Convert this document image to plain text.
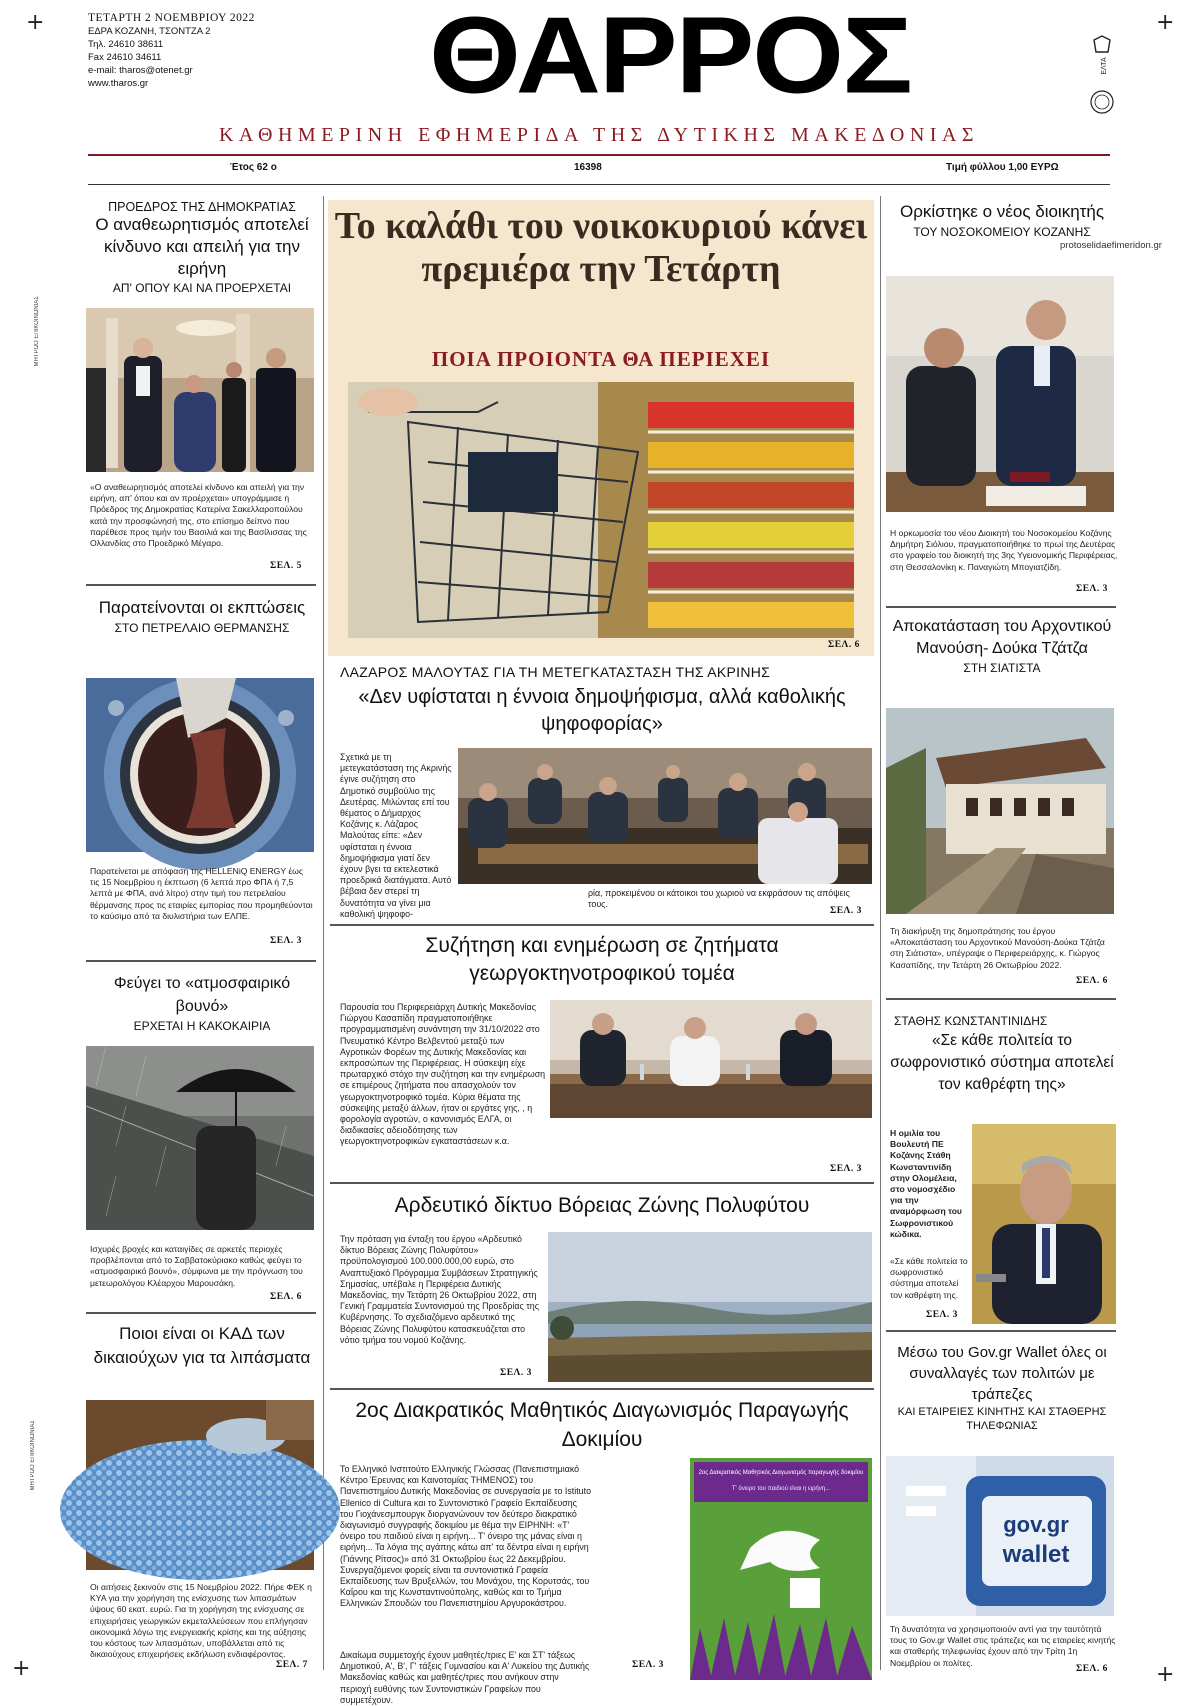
+	+
+	+
ΜΗΤΡΩΟ ΕΠΙΚΟΙΝΩΝΙΑΣ
ΜΗΤΡΩΟ ΕΠΙΚΟΙΝΩΝΙΑΣ
ΤΕΤΑΡΤΗ 2 ΝΟΕΜΒΡΙΟΥ 2022
ΕΔΡΑ ΚΟΖΑΝΗ, ΤΣΟΝΤΖΑ 2
Τηλ. 24610 38611
Fax 24610 34611
e-mail: tharos@otenet.gr
www.tharos.gr	ΘΑΡΡΟΣ	ΕΛΤΑ
ΚΑΘΗΜΕΡΙΝΗ ΕΦΗΜΕΡΙΔΑ ΤΗΣ ΔΥΤΙΚΗΣ ΜΑΚΕΔΟΝΙΑΣ
Έτος 62 ο	16398	Τιμή φύλλου 1,00 ΕΥΡΩ
protoselidaefimeridon.gr
ΠΡΟΕΔΡΟΣ ΤΗΣ ΔΗΜΟΚΡΑΤΙΑΣ
Ο αναθεωρητισμός αποτελεί κίνδυνο και απειλή για την ειρήνη
ΑΠ' ΟΠΟΥ ΚΑΙ ΝΑ ΠΡΟΕΡΧΕΤΑΙ
«Ο αναθεωρητισμός αποτελεί κίνδυνο και απειλή για την ειρήνη, απ' όπου και αν προέρχεται» υπογράμμισε η Πρόεδρος της Δημοκρατίας Κατερίνα Σακελλαροπούλου κατά την προσφώνησή της, στο επίσημο δείπνο που παρέθεσε προς τιμήν του Βασιλιά και της Βασίλισσας της Ολλανδίας στο Προεδρικό Μέγαρο.
ΣΕΛ. 5
Παρατείνονται οι εκπτώσεις
ΣΤΟ ΠΕΤΡΕΛΑΙΟ ΘΕΡΜΑΝΣΗΣ
Παρατείνεται με απόφαση της HELLENiQ ENERGY έως τις 15 Νοεμβρίου η έκπτωση (6 λεπτά προ ΦΠΑ ή 7,5 λεπτά με ΦΠΑ, ανά λίτρο) στην τιμή του πετρελαίου θέρμανσης προς τις εταιρίες εμπορίας που προμηθεύονται το καύσιμο από τα διυλιστήρια των ΕΛΠΕ.
ΣΕΛ. 3
Φεύγει το «ατμοσφαιρικό βουνό»
ΕΡΧΕΤΑΙ Η ΚΑΚΟΚΑΙΡΙΑ
Ισχυρές βροχές και καταιγίδες σε αρκετές περιοχές προβλέπονται από το Σαββατοκύριακο καθώς φεύγει το «ατμοσφαιρικό βουνό», σύμφωνα με την πρόγνωση του μετεωρολόγου Κλέαρχου Μαρουσάκη.
ΣΕΛ. 6
Ποιοι είναι οι ΚΑΔ των δικαιούχων για τα λιπάσματα
Οι αιτήσεις ξεκινούν στις 15 Νοεμβρίου 2022. Πήρε ΦΕΚ η ΚΥΑ για την χορήγηση της ενίσχυσης των λιπασμάτων ύψους 60 εκατ. ευρώ. Για τη χορήγηση της ενίσχυσης σε επιχειρήσεις γεωργικών εκμεταλλεύσεων που επλήγησαν οικονομικά λόγω της ενεργειακής κρίσης και της αύξησης του κόστους των λιπασμάτων, υποβάλλεται από τις δικαιούχους επιχειρήσεις εκδήλωση ενδιαφέροντος.
ΣΕΛ. 7
Το καλάθι του νοικοκυριού κάνει πρεμιέρα την Τετάρτη
ΠΟΙΑ ΠΡΟΙΟΝΤΑ ΘΑ ΠΕΡΙΕΧΕΙ
ΣΕΛ. 6
ΛΑΖΑΡΟΣ ΜΑΛΟΥΤΑΣ ΓΙΑ ΤΗ ΜΕΤΕΓΚΑΤΑΣΤΑΣΗ ΤΗΣ ΑΚΡΙΝΗΣ
«Δεν υφίσταται η έννοια δημοψήφισμα, αλλά καθολικής ψηφοφορίας»
Σχετικά με τη μετεγκατάσταση της Ακρινής έγινε συζήτηση στο Δημοτικό συμβούλιο της Δευτέρας. Μιλώντας επί του θέματος ο Δήμαρχος Κοζάνης κ. Λάζαρος Μαλούτας είπε: «Δεν υφίσταται η έννοια δημοψήφισμα γιατί δεν έχουν βγει τα εκτελεστικά προεδρικά διατάγματα. Αυτό βέβαια δεν στερεί τη δυνατότητα να γίνει μια καθολική ψηφοφο-
ρία, προκειμένου οι κάτοικοι του χωριού να εκφράσουν τις απόψεις τους.
ΣΕΛ. 3
Συζήτηση και ενημέρωση σε ζητήματα γεωργοκτηνοτροφικού τομέα
Παρουσία του Περιφερειάρχη Δυτικής Μακεδονίας Γιώργου Κασαπίδη πραγματοποιήθηκε προγραμματισμένη συνάντηση την 31/10/2022 στο Πνευματικό Κέντρο Βελβεντού μεταξύ των Αγροτικών Φορέων της Δυτικής Μακεδονίας και εκπροσώπων της Περιφέρειας. Η σύσκεψη είχε πρωταρχικό στόχο την συζήτηση και την ενημέρωση σε επιμέρους ζητήματα που απασχολούν τον γεωργοκτηνοτροφικό τομέα. Κύρια θέματα της σύσκεψης μεταξύ άλλων, ήταν οι εργάτες γης, , η φορολογία αγροτών, ο κανονισμός ΕΛΓΑ, οι διαδικασίες αδειοδότησης των γεωργοκτηνοτροφικών εγκαταστάσεων κ.α.
ΣΕΛ. 3
Αρδευτικό δίκτυο Βόρειας Ζώνης Πολυφύτου
Την πρόταση για ένταξη του έργου «Αρδευτικό δίκτυο Βόρειας Ζώνης Πολυφύτου» προϋπολογισμού 100.000.000,00 ευρώ, στο Αναπτυξιακό Πρόγραμμα Συμβάσεων Στρατηγικής Σημασίας, υπέβαλε η Περιφέρεια Δυτικής Μακεδονίας, την Τετάρτη 26 Οκτωβρίου 2022, στη Γενική Γραμματεία Συντονισμού της Προεδρίας της Κυβέρνησης. Το σχεδιαζόμενο αρδευτικό της Βόρειας Ζώνης Πολυφύτου κατασκευάζεται στο νότιο τμήμα του νομού Κοζάνης.
ΣΕΛ. 3
2ος Διακρατικός Μαθητικός Διαγωνισμός Παραγωγής Δοκιμίου
Το Ελληνικό Ινστιτούτο Ελληνικής Γλώσσας (Πανεπιστημιακό Κέντρο Έρευνας και Καινοτομίας ΤΗΜΕΝΟΣ) του Πανεπιστημίου Δυτικής Μακεδονίας σε συνεργασία με το Istituto Ellenico di Cultura και το Συντονιστικό Γραφείο Εκπαίδευσης του Γιοχάνεσμπουργκ διοργανώνουν τον δεύτερο διακρατικό διαγωνισμό συγγραφής δοκιμίου με θέμα την ΕΙΡΗΝΗ: «Τ' όνειρο του παιδιού είναι η ειρήνη... Τ' όνειρο της μάνας είναι η ειρήνη... Τα λόγια της αγάπης κάτω απ' τα δέντρα είναι η ειρήνη (Γιάννης Ρίτσος)» από 31 Οκτωβρίου έως 22 Δεκεμβρίου. Συνεργαζόμενοι φορείς είναι τα συντονιστικά Γραφεία Εκπαίδευσης των Βρυξελλών, του Μονάχου, της Κορυτσάς, του Καΐρου και της Κωνσταντινούπολης, καθώς και το Τμήμα Ελληνικών Σπουδών του Πανεπιστημίου Αργυροκάστρου.
Δικαίωμα συμμετοχής έχουν μαθητές/τριες Ε' και ΣΤ' τάξεως Δημοτικού, Α', Β', Γ' τάξεις Γυμνασίου και Α' Λυκείου της Δυτικής Μακεδονίας καθώς και μαθητές/τριες που ανήκουν στην περιοχή ευθύνης των Συντονιστικών Γραφείων που συμμετέχουν.
2ος Διακρατικός Μαθητικός Διαγωνισμός παραγωγής δοκιμίου
Τ' όνειρο του παιδιού είναι η ειρήνη...
ΣΕΛ. 3
Ορκίστηκε ο νέος διοικητής
ΤΟΥ ΝΟΣΟΚΟΜΕΙΟΥ ΚΟΖΑΝΗΣ
Η ορκωμοσία του νέου Διοικητή του Νοσοκομείου Κοζάνης Δημήτρη Σιόλιου, πραγματοποιήθηκε το πρωί της Δευτέρας στο γραφείο του διοικητή της 3ης Υγειονομικής Περιφέρειας, στη Θεσσαλονίκη κ. Παναγιώτη Μπογιατζίδη.
ΣΕΛ. 3
Αποκατάσταση του Αρχοντικού Μανούση- Δούκα Τζάτζα
ΣΤΗ ΣΙΑΤΙΣΤΑ
Τη διακήρυξη της δημοπράτησης του έργου «Αποκατάσταση του Αρχοντικού Μανούση-Δούκα Τζάτζα στη Σιάτιστα», υπέγραψε ο Περιφερειάρχης, κ. Γιώργος Κασαπίδης, την Τετάρτη 26 Οκτωβρίου 2022.
ΣΕΛ. 6
ΣΤΑΘΗΣ ΚΩΝΣΤΑΝΤΙΝΙΔΗΣ
«Σε κάθε πολιτεία το σωφρονιστικό σύστημα αποτελεί τον καθρέφτη της»
Η ομιλία του Βουλευτή ΠΕ Κοζάνης Στάθη Κωνσταντινίδη στην Ολομέλεια, στο νομοσχέδιο για την αναμόρφωση του Σωφρονιστικού κώδικα.
«Σε κάθε πολιτεία το σωφρονιστικό σύστημα αποτελεί τον καθρέφτη της.
ΣΕΛ. 3
Μέσω του Gov.gr Wallet όλες οι συναλλαγές των πολιτών με τράπεζες
ΚΑΙ ΕΤΑΙΡΕΙΕΣ ΚΙΝΗΤΗΣ ΚΑΙ ΣΤΑΘΕΡΗΣ ΤΗΛΕΦΩΝΙΑΣ
gov.gr
wallet
Τη δυνατότητα να χρησιμοποιούν αντί για την ταυτότητά τους το Gov.gr Wallet στις τράπεζες και τις εταιρείες κινητής και σταθερής τηλεφωνίας έχουν από την Τρίτη 1η Νοεμβρίου οι πολίτες.
ΣΕΛ. 6
